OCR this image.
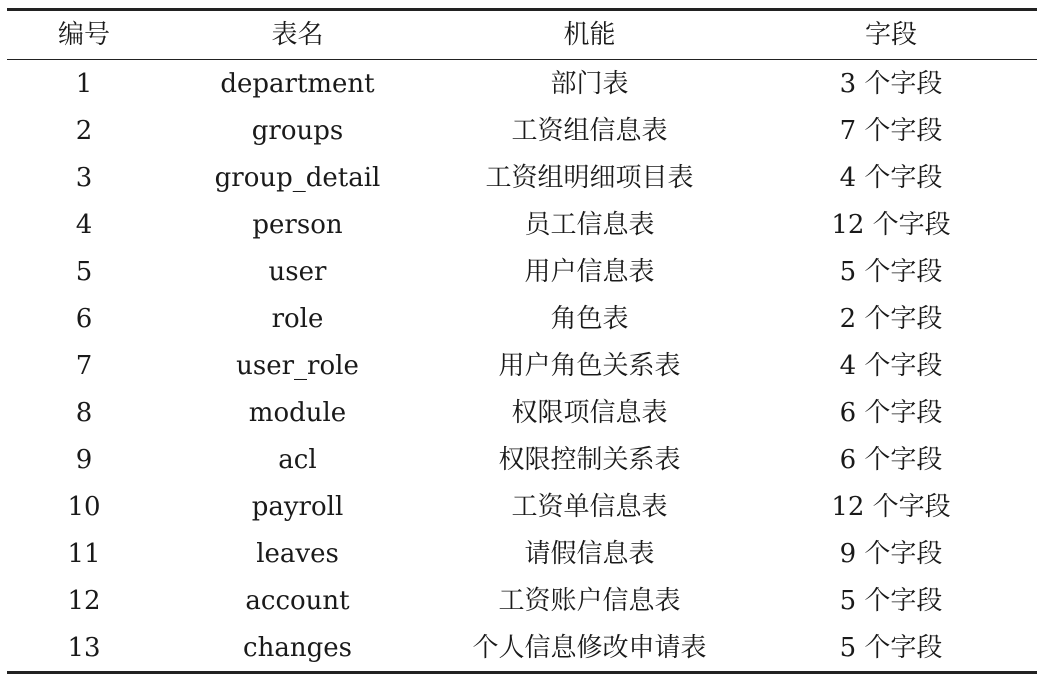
编号	表名	机能	字段
1	department	部门表	3 个字段
2	groups	工资组信息表	7 个字段
3	group_detail	工资组明细项目表	4 个字段
4	person	员工信息表	12 个字段
5	user	用户信息表	5 个字段
6	role	角色表	2 个字段
7	user_role	用户角色关系表	4 个字段
8	module	权限项信息表	6 个字段
9	acl	权限控制关系表	6 个字段
10	payroll	工资单信息表	12 个字段
11	leaves	请假信息表	9 个字段
12	account	工资账户信息表	5 个字段
13	changes	个人信息修改申请表	5 个字段
